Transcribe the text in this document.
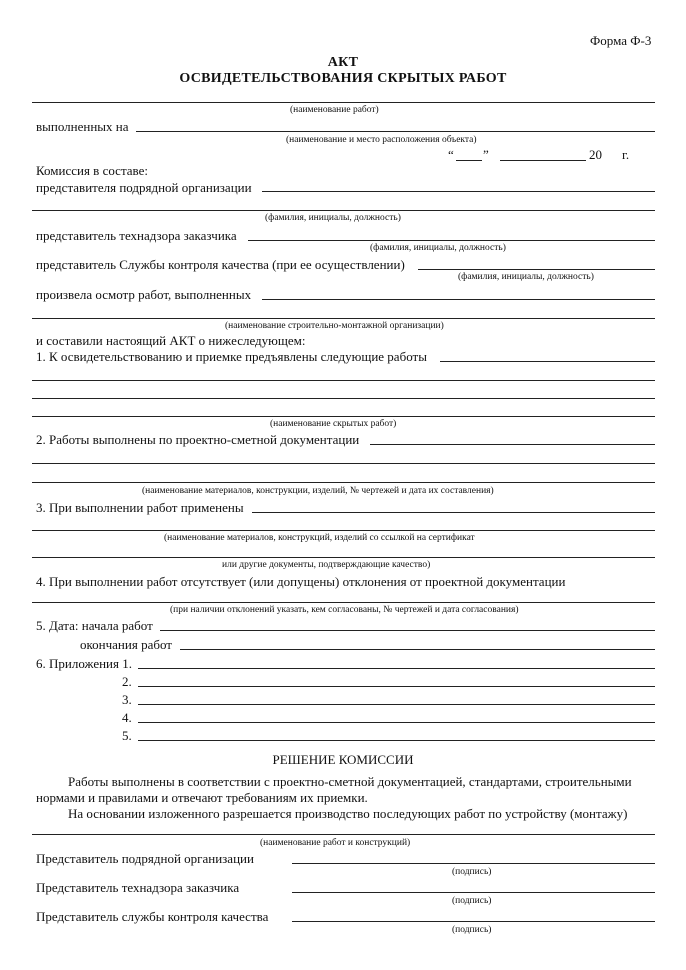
Форма Ф-3
АКТ
ОСВИДЕТЕЛЬСТВОВАНИЯ СКРЫТЫХ РАБОТ
(наименование работ)
выполненных на
(наименование и место расположения объекта)
“ ”	20 г.
Комиссия в составе:
представителя подрядной организации
(фамилия, инициалы, должность)
представитель технадзора заказчика
(фамилия, инициалы, должность)
представитель Службы контроля качества (при ее осуществлении)
(фамилия, инициалы, должность)
произвела осмотр работ, выполненных
(наименование строительно-монтажной организации)
и составили настоящий АКТ о нижеследующем:
1. К освидетельствованию и приемке предъявлены следующие работы
(наименование скрытых работ)
2. Работы выполнены по проектно-сметной документации
(наименование материалов, конструкции, изделий, № чертежей и дата их составления)
3. При выполнении работ применены
(наименование материалов, конструкций, изделий со ссылкой на сертификат
или другие документы, подтверждающие качество)
4. При выполнении работ отсутствует (или допущены) отклонения от проектной документации
(при наличии отклонений указать, кем согласованы, № чертежей и дата согласования)
5. Дата: начала работ
окончания работ
6. Приложения 1.
2.
3.
4.
5.
РЕШЕНИЕ КОМИССИИ
Работы выполнены в соответствии с проектно-сметной документацией, стандартами, строительными
нормами и правилами и отвечают требованиям их приемки.
На основании изложенного разрешается производство последующих работ по устройству (монтажу)
(наименование работ и конструкций)
Представитель подрядной организации
(подпись)
Представитель технадзора заказчика
(подпись)
Представитель службы контроля качества
(подпись)
